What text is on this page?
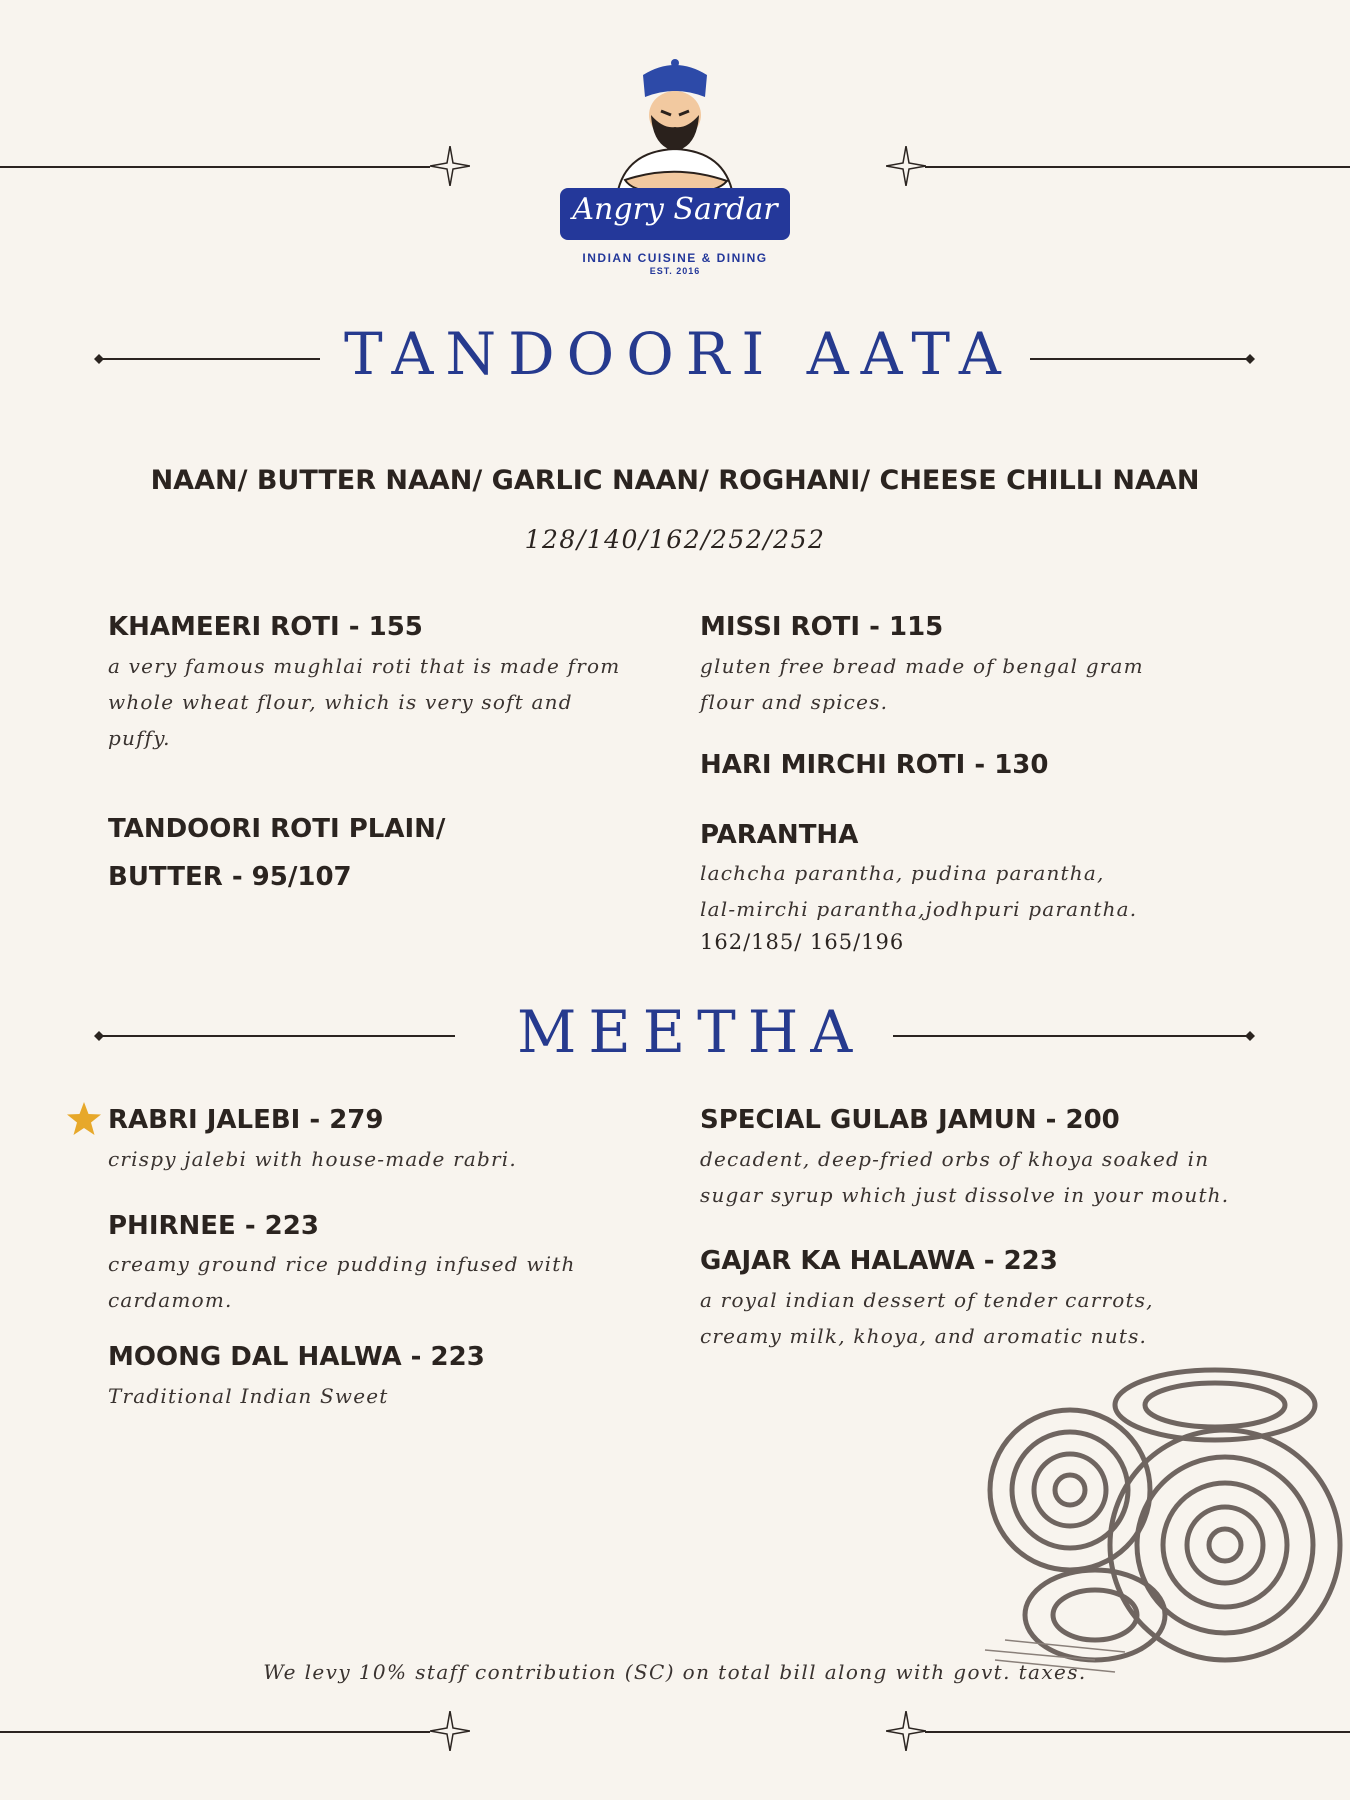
Angry Sardar
INDIAN CUISINE & DINING
EST. 2016
TANDOORI AATA
NAAN/ BUTTER NAAN/ GARLIC NAAN/ ROGHANI/ CHEESE CHILLI NAAN
128/140/162/252/252
KHAMEERI ROTI - 155
a very famous mughlai roti that is made from
whole wheat flour, which is very soft and
puffy.
TANDOORI ROTI PLAIN/
BUTTER - 95/107
MISSI ROTI - 115
gluten free bread made of bengal gram
flour and spices.
HARI MIRCHI ROTI - 130
PARANTHA
lachcha parantha, pudina parantha,
lal-mirchi parantha,jodhpuri parantha.
162/185/ 165/196
MEETHA
RABRI JALEBI - 279
crispy jalebi with house-made rabri.
PHIRNEE - 223
creamy ground rice pudding infused with
cardamom.
MOONG DAL HALWA - 223
Traditional Indian Sweet
SPECIAL GULAB JAMUN - 200
decadent, deep-fried orbs of khoya soaked in
sugar syrup which just dissolve in your mouth.
GAJAR KA HALAWA - 223
a royal indian dessert of tender carrots,
creamy milk, khoya, and aromatic nuts.
We levy 10% staff contribution (SC) on total bill along with govt. taxes.
